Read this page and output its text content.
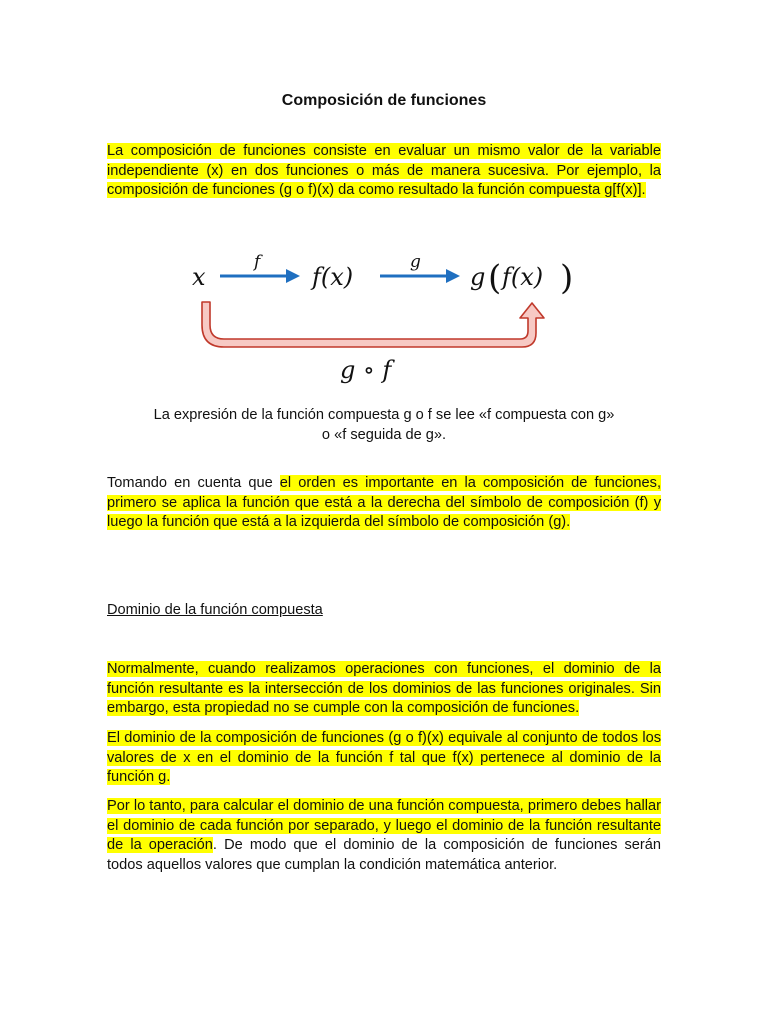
Composición de funciones
La composición de funciones consiste en evaluar un mismo valor de la variable independiente (x) en dos funciones o más de manera sucesiva. Por ejemplo, la composición de funciones (g o f)(x) da como resultado la función compuesta g[f(x)].
x
f
f(x)
g
g ( f(x) )
g ∘ f
La expresión de la función compuesta g o f se lee «f compuesta con g»
o «f seguida de g».
Tomando en cuenta que el orden es importante en la composición de funciones, primero se aplica la función que está a la derecha del símbolo de composición (f) y luego la función que está a la izquierda del símbolo de composición (g).
Dominio de la función compuesta
Normalmente, cuando realizamos operaciones con funciones, el dominio de la función resultante es la intersección de los dominios de las funciones originales. Sin embargo, esta propiedad no se cumple con la composición de funciones.
El dominio de la composición de funciones (g o f)(x) equivale al conjunto de todos los valores de x en el dominio de la función f tal que f(x) pertenece al dominio de la función g.
Por lo tanto, para calcular el dominio de una función compuesta, primero debes hallar el dominio de cada función por separado, y luego el dominio de la función resultante de la operación. De modo que el dominio de la composición de funciones serán todos aquellos valores que cumplan la condición matemática anterior.
